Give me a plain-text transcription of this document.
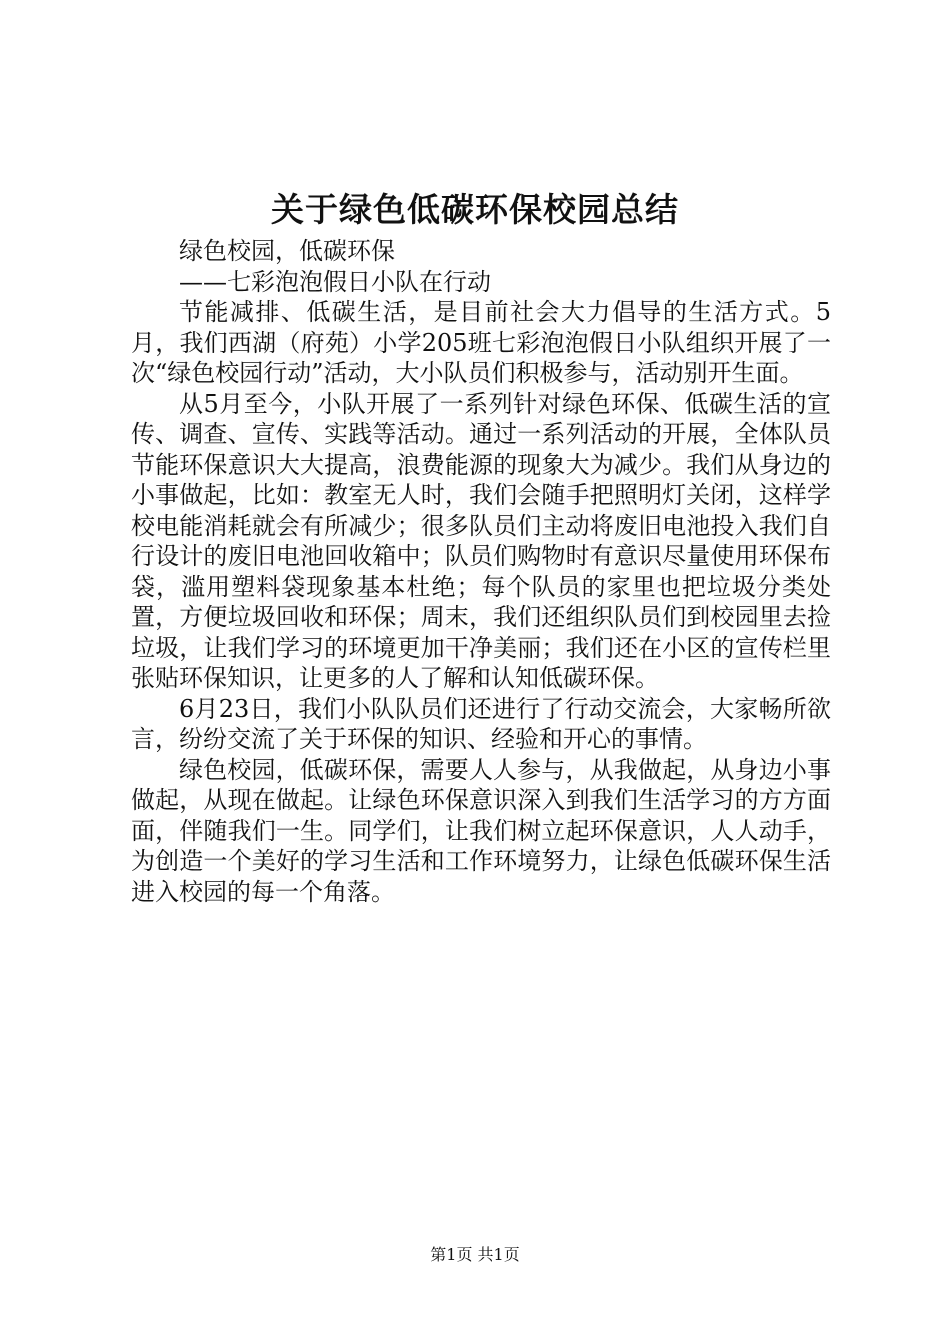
关于绿色低碳环保校园总结

绿色校园，低碳环保

——七彩泡泡假日小队在行动

节能减排、低碳生活，是目前社会大力倡导的生活方式。5月，我们西湖（府苑）小学205班七彩泡泡假日小队组织开展了一次“绿色校园行动”活动，大小队员们积极参与，活动别开生面。

从5月至今，小队开展了一系列针对绿色环保、低碳生活的宣传、调查、宣传、实践等活动。通过一系列活动的开展，全体队员节能环保意识大大提高，浪费能源的现象大为减少。我们从身边的小事做起，比如：教室无人时，我们会随手把照明灯关闭，这样学校电能消耗就会有所减少；很多队员们主动将废旧电池投入我们自行设计的废旧电池回收箱中；队员们购物时有意识尽量使用环保布袋，滥用塑料袋现象基本杜绝；每个队员的家里也把垃圾分类处置，方便垃圾回收和环保；周末，我们还组织队员们到校园里去捡垃圾，让我们学习的环境更加干净美丽；我们还在小区的宣传栏里张贴环保知识，让更多的人了解和认知低碳环保。

6月23日，我们小队队员们还进行了行动交流会，大家畅所欲言，纷纷交流了关于环保的知识、经验和开心的事情。

绿色校园，低碳环保，需要人人参与，从我做起，从身边小事做起，从现在做起。让绿色环保意识深入到我们生活学习的方方面面，伴随我们一生。同学们，让我们树立起环保意识，人人动手，为创造一个美好的学习生活和工作环境努力，让绿色低碳环保生活进入校园的每一个角落。

第1页 共1页
